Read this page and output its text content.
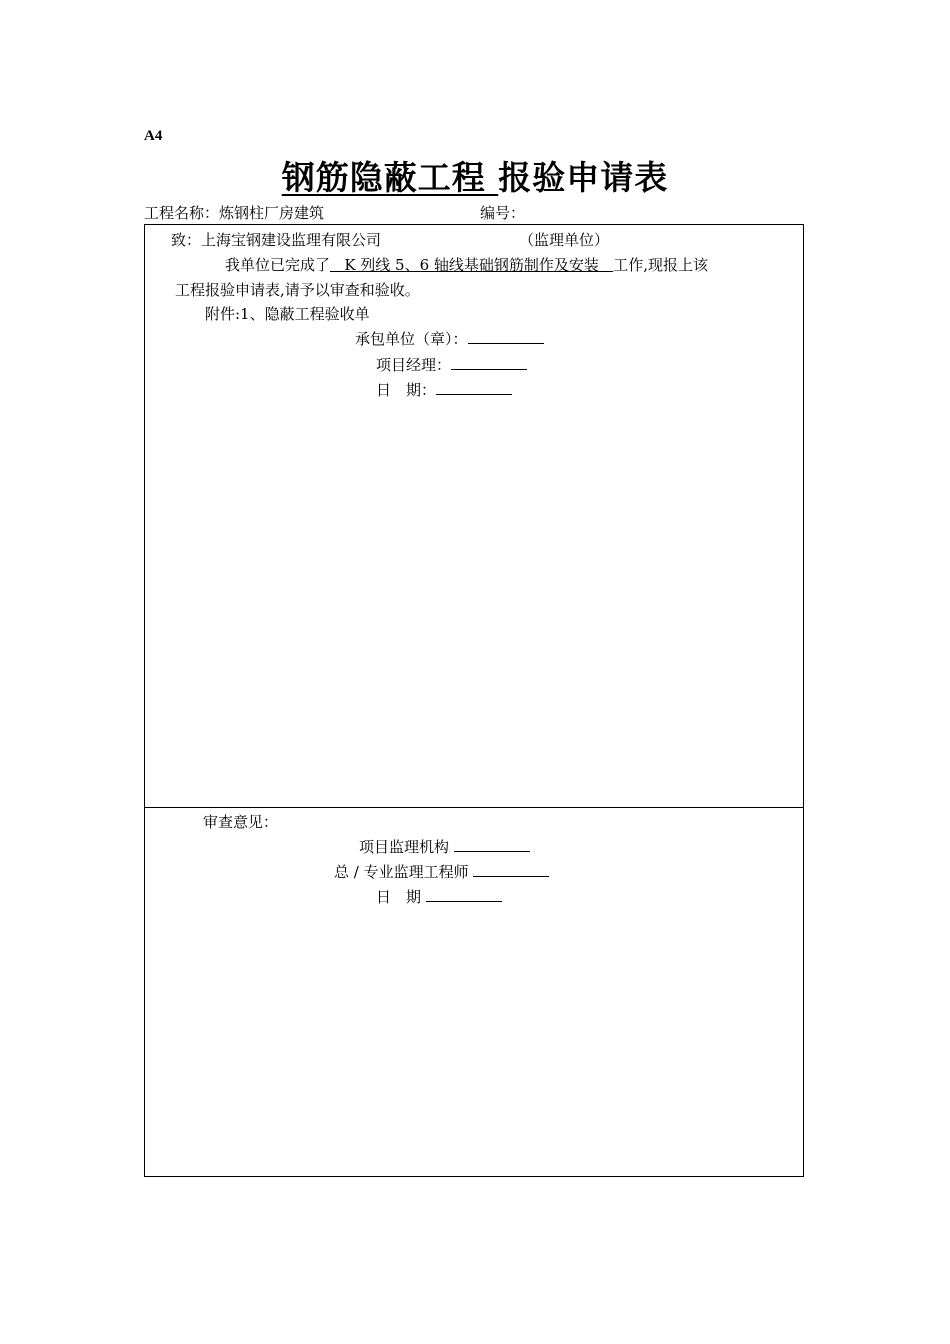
A4
钢筋隐蔽工程 报验申请表
工程名称：炼钢柱厂房建筑	编号：
致：上海宝钢建设监理有限公司	（监理单位）
我单位已完成了   K 列线 5、6 轴线基础钢筋制作及安装   工作,现报上该
工程报验申请表,请予以审查和验收。
附件:1、隐蔽工程验收单
承包单位（章）：
项目经理：
日　期：
审查意见：
项目监理机构
总 / 专业监理工程师
日　期
